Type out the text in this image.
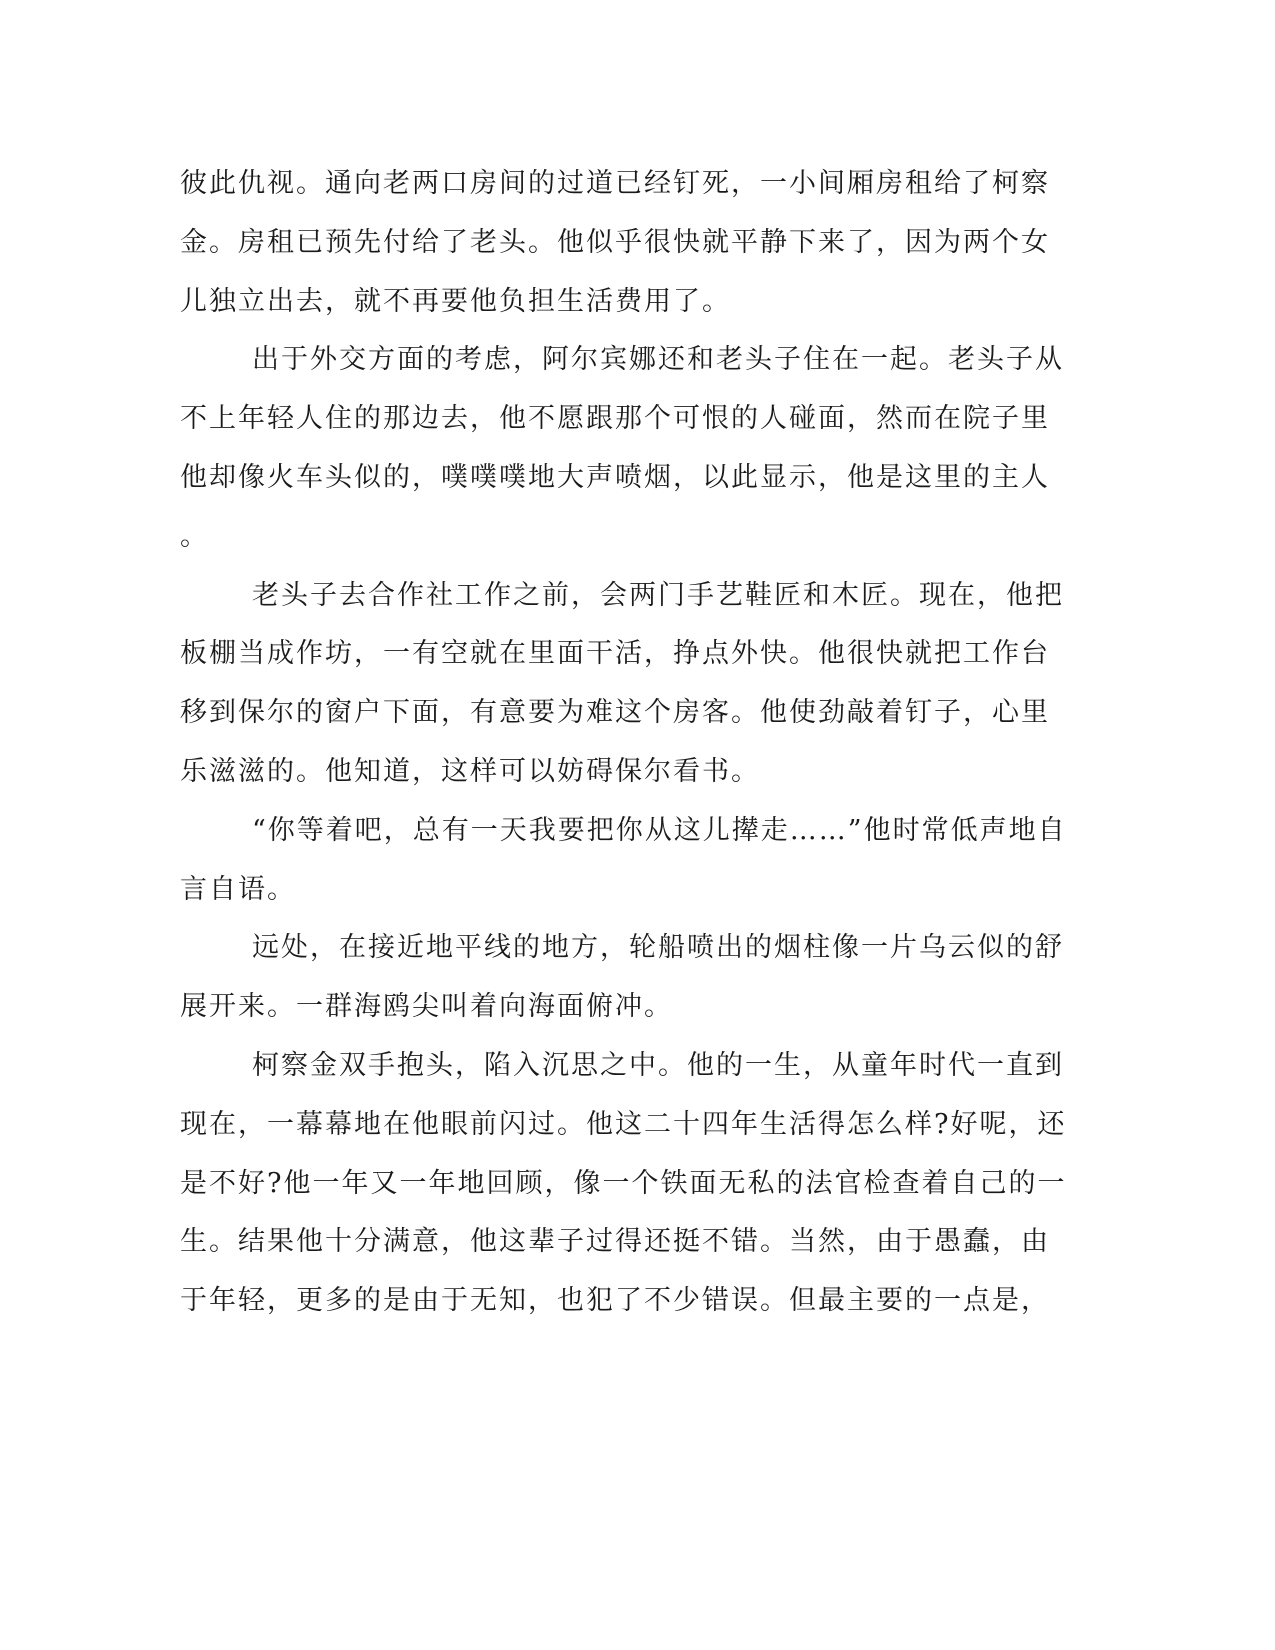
彼此仇视。通向老两口房间的过道已经钉死，一小间厢房租给了柯察
金。房租已预先付给了老头。他似乎很快就平静下来了，因为两个女
儿独立出去，就不再要他负担生活费用了。
出于外交方面的考虑，阿尔宾娜还和老头子住在一起。老头子从
不上年轻人住的那边去，他不愿跟那个可恨的人碰面，然而在院子里
他却像火车头似的，噗噗噗地大声喷烟，以此显示，他是这里的主人
。
老头子去合作社工作之前，会两门手艺鞋匠和木匠。现在，他把
板棚当成作坊，一有空就在里面干活，挣点外快。他很快就把工作台
移到保尔的窗户下面，有意要为难这个房客。他使劲敲着钉子，心里
乐滋滋的。他知道，这样可以妨碍保尔看书。
“你等着吧，总有一天我要把你从这儿撵走……”他时常低声地自
言自语。
远处，在接近地平线的地方，轮船喷出的烟柱像一片乌云似的舒
展开来。一群海鸥尖叫着向海面俯冲。
柯察金双手抱头，陷入沉思之中。他的一生，从童年时代一直到
现在，一幕幕地在他眼前闪过。他这二十四年生活得怎么样?好呢，还
是不好?他一年又一年地回顾，像一个铁面无私的法官检查着自己的一
生。结果他十分满意，他这辈子过得还挺不错。当然，由于愚蠢，由
于年轻，更多的是由于无知，也犯了不少错误。但最主要的一点是，
